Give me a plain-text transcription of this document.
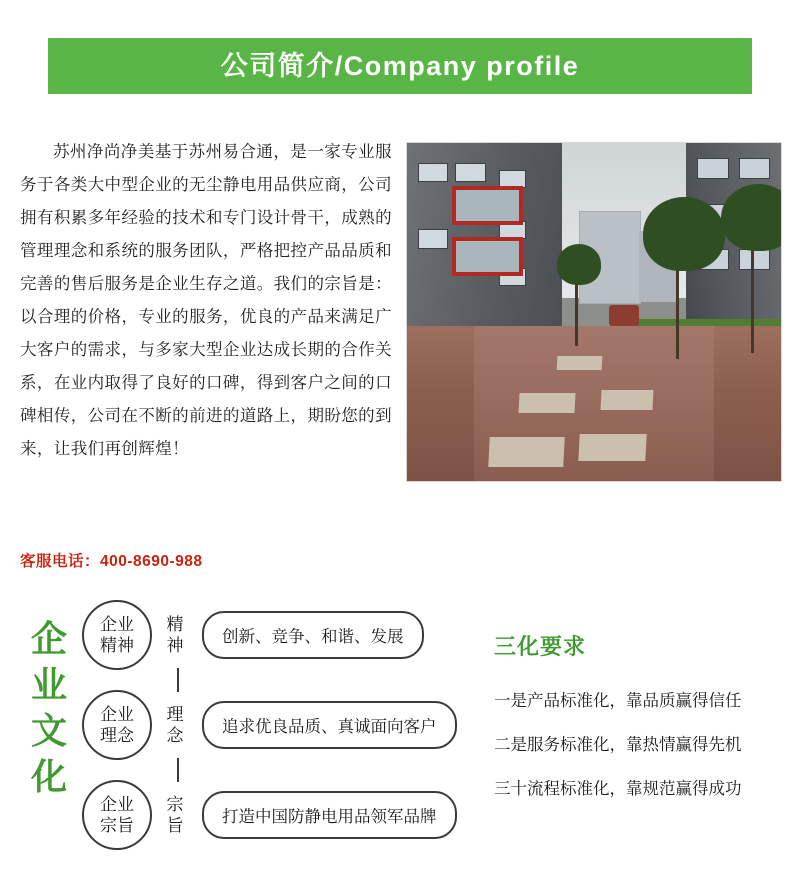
公司简介/Company profile

苏州净尚净美基于苏州易合通，是一家专业服务于各类大中型企业的无尘静电用品供应商，公司拥有积累多年经验的技术和专门设计骨干，成熟的管理理念和系统的服务团队，严格把控产品品质和完善的售后服务是企业生存之道。我们的宗旨是：以合理的价格，专业的服务，优良的产品来满足广大客户的需求，与多家大型企业达成长期的合作关系，在业内取得了良好的口碑，得到客户之间的口碑相传，公司在不断的前进的道路上，期盼您的到来，让我们再创辉煌！

客服电话：400-8690-988
企业文化
企业
精神
精神	创新、竞争、和谐、发展
企业
理念
理念	追求优良品质、真诚面向客户
企业
宗旨
宗旨	打造中国防静电用品领军品牌
三化要求
一是产品标准化，靠品质赢得信任
二是服务标准化，靠热情赢得先机
三十流程标准化，靠规范赢得成功
